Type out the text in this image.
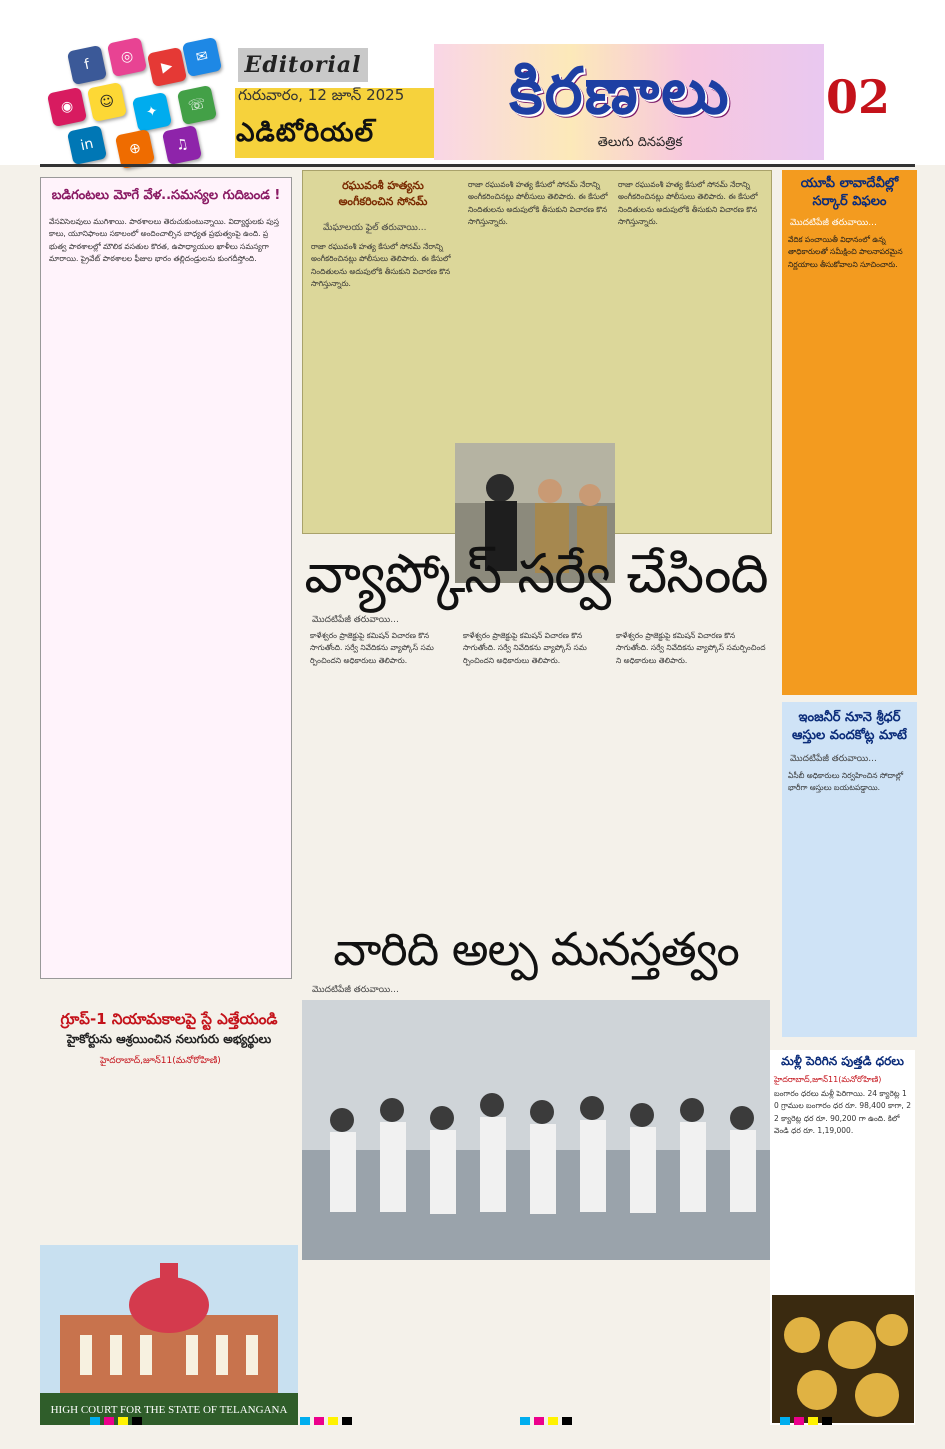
f	◎
▶
✉
◉	☺
✦	☏
in	⊕	♫
Editorial
గురువారం, 12 జూన్ 2025
ఎడిటోరియల్
కిరణాలు
తెలుగు దినపత్రిక
02
బడిగంటలు మోగే వేళ..సమస్యల గుదిబండ !
వేసవిసెలవులు ముగిశాయి. పాఠశాలలు తెరుచుకుంటున్నాయి. విద్యార్థులకు పుస్తకాలు, యూనిఫాంలు సకాలంలో అందించాల్సిన బాధ్యత ప్రభుత్వంపై ఉంది. ప్రభుత్వ పాఠశాలల్లో మౌలిక వసతుల కొరత, ఉపాధ్యాయుల ఖాళీలు సమస్యగా మారాయి. ప్రైవేట్ పాఠశాలల ఫీజుల భారం తల్లిదండ్రులను కుంగదీస్తోంది.
రఘువంశీ హత్యను అంగీకరించిన సోనమ్
మేఘాలయ ఫైల్ తరువాయి...
రాజా రఘువంశీ హత్య కేసులో సోనమ్ నేరాన్ని అంగీకరించినట్లు పోలీసులు తెలిపారు. ఈ కేసులో నిందితులను అదుపులోకి తీసుకుని విచారణ కొనసాగిస్తున్నారు.
రాజా రఘువంశీ హత్య కేసులో సోనమ్ నేరాన్ని అంగీకరించినట్లు పోలీసులు తెలిపారు. ఈ కేసులో నిందితులను అదుపులోకి తీసుకుని విచారణ కొనసాగిస్తున్నారు.
రాజా రఘువంశీ హత్య కేసులో సోనమ్ నేరాన్ని అంగీకరించినట్లు పోలీసులు తెలిపారు. ఈ కేసులో నిందితులను అదుపులోకి తీసుకుని విచారణ కొనసాగిస్తున్నారు.
యూపీ లావాదేవీల్లో సర్కార్ విఫలం
మొదటిపేజీ తరువాయి...
వేదిక పంచాయితీ విధానంలో ఉన్నతాధికారులతో సమీక్షించి పాలనాపరమైన నిర్ణయాలు తీసుకోవాలని సూచించారు.
వ్యాప్కోస్ సర్వే చేసింది
మొదటిపేజీ తరువాయి...
కాళేశ్వరం ప్రాజెక్టుపై కమిషన్ విచారణ కొనసాగుతోంది. సర్వే నివేదికను వ్యాప్కోస్ సమర్పించిందని అధికారులు తెలిపారు.
కాళేశ్వరం ప్రాజెక్టుపై కమిషన్ విచారణ కొనసాగుతోంది. సర్వే నివేదికను వ్యాప్కోస్ సమర్పించిందని అధికారులు తెలిపారు.
కాళేశ్వరం ప్రాజెక్టుపై కమిషన్ విచారణ కొనసాగుతోంది. సర్వే నివేదికను వ్యాప్కోస్ సమర్పించిందని అధికారులు తెలిపారు.
ఇంజనీర్ నూనె శ్రీధర్ ఆస్తుల వందకోట్ల మాటే
మొదటిపేజీ తరువాయి...
ఏసీబీ అధికారులు నిర్వహించిన సోదాల్లో భారీగా ఆస్తులు బయటపడ్డాయి.
వారిది అల్ప మనస్తత్వం
మొదటిపేజీ తరువాయి...
గ్రూప్-1 నియామకాలపై స్టే ఎత్తేయండి
హైకోర్టును ఆశ్రయించిన నలుగురు అభ్యర్థులు
హైదరాబాద్,జూన్11(మనోరోహిణి)
HIGH COURT FOR THE STATE OF TELANGANA
మళ్లీ పెరిగిన పుత్తడి ధరలు
హైదరాబాద్,జూన్11(మనోరోహిణి)
బంగారం ధరలు మళ్లీ పెరిగాయి. 24 క్యారెట్ల 10 గ్రాముల బంగారం ధర రూ. 98,400 కాగా, 22 క్యారెట్ల ధర రూ. 90,200 గా ఉంది. కిలో వెండి ధర రూ. 1,19,000.
